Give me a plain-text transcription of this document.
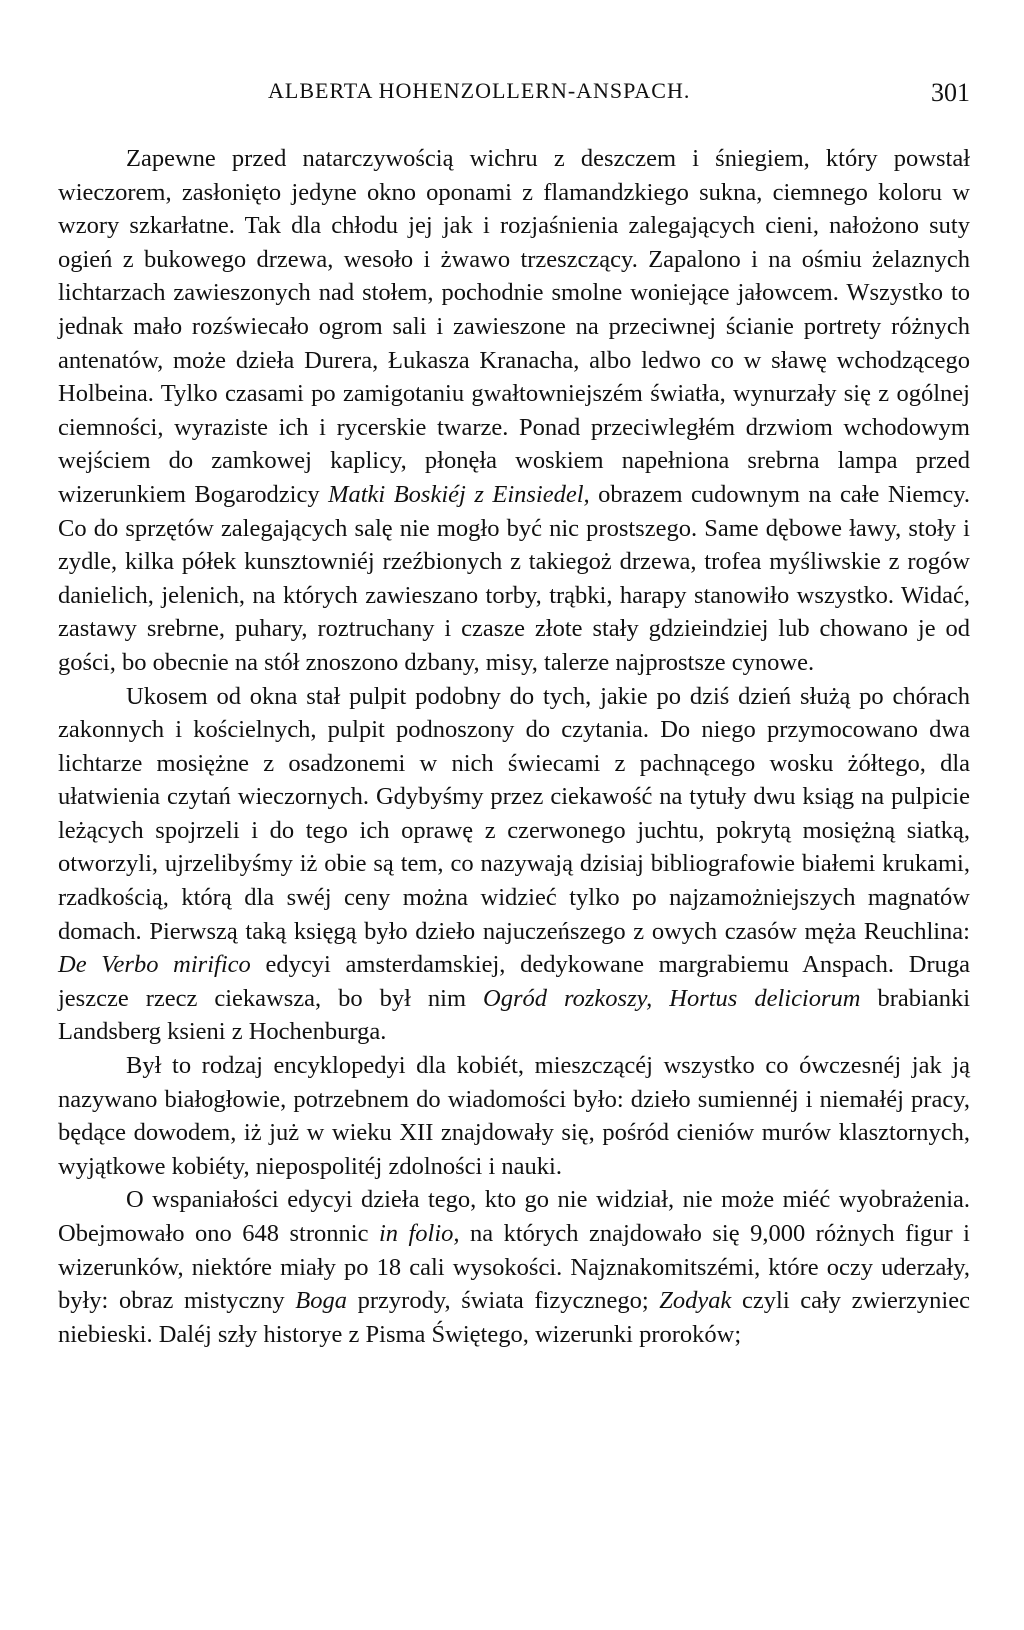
ALBERTA HOHENZOLLERN-ANSPACH.	301

Zapewne przed natarczywością wichru z deszczem i śniegiem, który powstał wieczorem, zasłonięto jedyne okno oponami z flamandzkiego sukna, ciemnego koloru w wzory szkarłatne. Tak dla chłodu jej jak i rozjaśnienia zalegających cieni, nałożono suty ogień z bukowego drzewa, wesoło i żwawo trzeszczący. Zapalono i na ośmiu żelaznych lichtarzach zawieszonych nad stołem, pochodnie smolne woniejące jałowcem. Wszystko to jednak mało rozświecało ogrom sali i zawieszone na przeciwnej ścianie portrety różnych antenatów, może dzieła Durera, Łukasza Kranacha, albo ledwo co w sławę wchodzącego Holbeina. Tylko czasami po zamigotaniu gwałtowniejszém światła, wynurzały się z ogólnej ciemności, wyraziste ich i rycerskie twarze. Ponad przeciwległém drzwiom wchodowym wejściem do zamkowej kaplicy, płonęła woskiem napełniona srebrna lampa przed wizerunkiem Bogarodzicy Matki Boskiéj z Einsiedel, obrazem cudownym na całe Niemcy. Co do sprzętów zalegających salę nie mogło być nic prostszego. Same dębowe ławy, stoły i zydle, kilka półek kunsztowniéj rzeźbionych z takiegoż drzewa, trofea myśliwskie z rogów danielich, jelenich, na których zawieszano torby, trąbki, harapy stanowiło wszystko. Widać, zastawy srebrne, puhary, roztruchany i czasze złote stały gdzieindziej lub chowano je od gości, bo obecnie na stół znoszono dzbany, misy, talerze najprostsze cynowe.

Ukosem od okna stał pulpit podobny do tych, jakie po dziś dzień służą po chórach zakonnych i kościelnych, pulpit podnoszony do czytania. Do niego przymocowano dwa lichtarze mosiężne z osadzonemi w nich świecami z pachnącego wosku żółtego, dla ułatwienia czytań wieczornych. Gdybyśmy przez ciekawość na tytuły dwu ksiąg na pulpicie leżących spojrzeli i do tego ich oprawę z czerwonego juchtu, pokrytą mosiężną siatką, otworzyli, ujrzelibyśmy iż obie są tem, co nazywają dzisiaj bibliografowie białemi krukami, rzadkością, którą dla swéj ceny można widzieć tylko po najzamożniejszych magnatów domach. Pierwszą taką księgą było dzieło najuczeńszego z owych czasów męża Reuchlina: De Verbo mirifico edycyi amsterdamskiej, dedykowane margrabiemu Anspach. Druga jeszcze rzecz ciekawsza, bo był nim Ogród rozkoszy, Hortus deliciorum brabianki Landsberg ksieni z Hochenburga.

Był to rodzaj encyklopedyi dla kobiét, mieszczącéj wszystko co ówczesnéj jak ją nazywano białogłowie, potrzebnem do wiadomości było: dzieło sumiennéj i niemałéj pracy, będące dowodem, iż już w wieku XII znajdowały się, pośród cieniów murów klasztornych, wyjątkowe kobiéty, niepospolitéj zdolności i nauki.

O wspaniałości edycyi dzieła tego, kto go nie widział, nie może miéć wyobrażenia. Obejmowało ono 648 stronnic in folio, na których znajdowało się 9,000 różnych figur i wizerunków, niektóre miały po 18 cali wysokości. Najznakomitszémi, które oczy uderzały, były: obraz mistyczny Boga przyrody, świata fizycznego; Zodyak czyli cały zwierzyniec niebieski. Daléj szły historye z Pisma Świętego, wizerunki proroków;
